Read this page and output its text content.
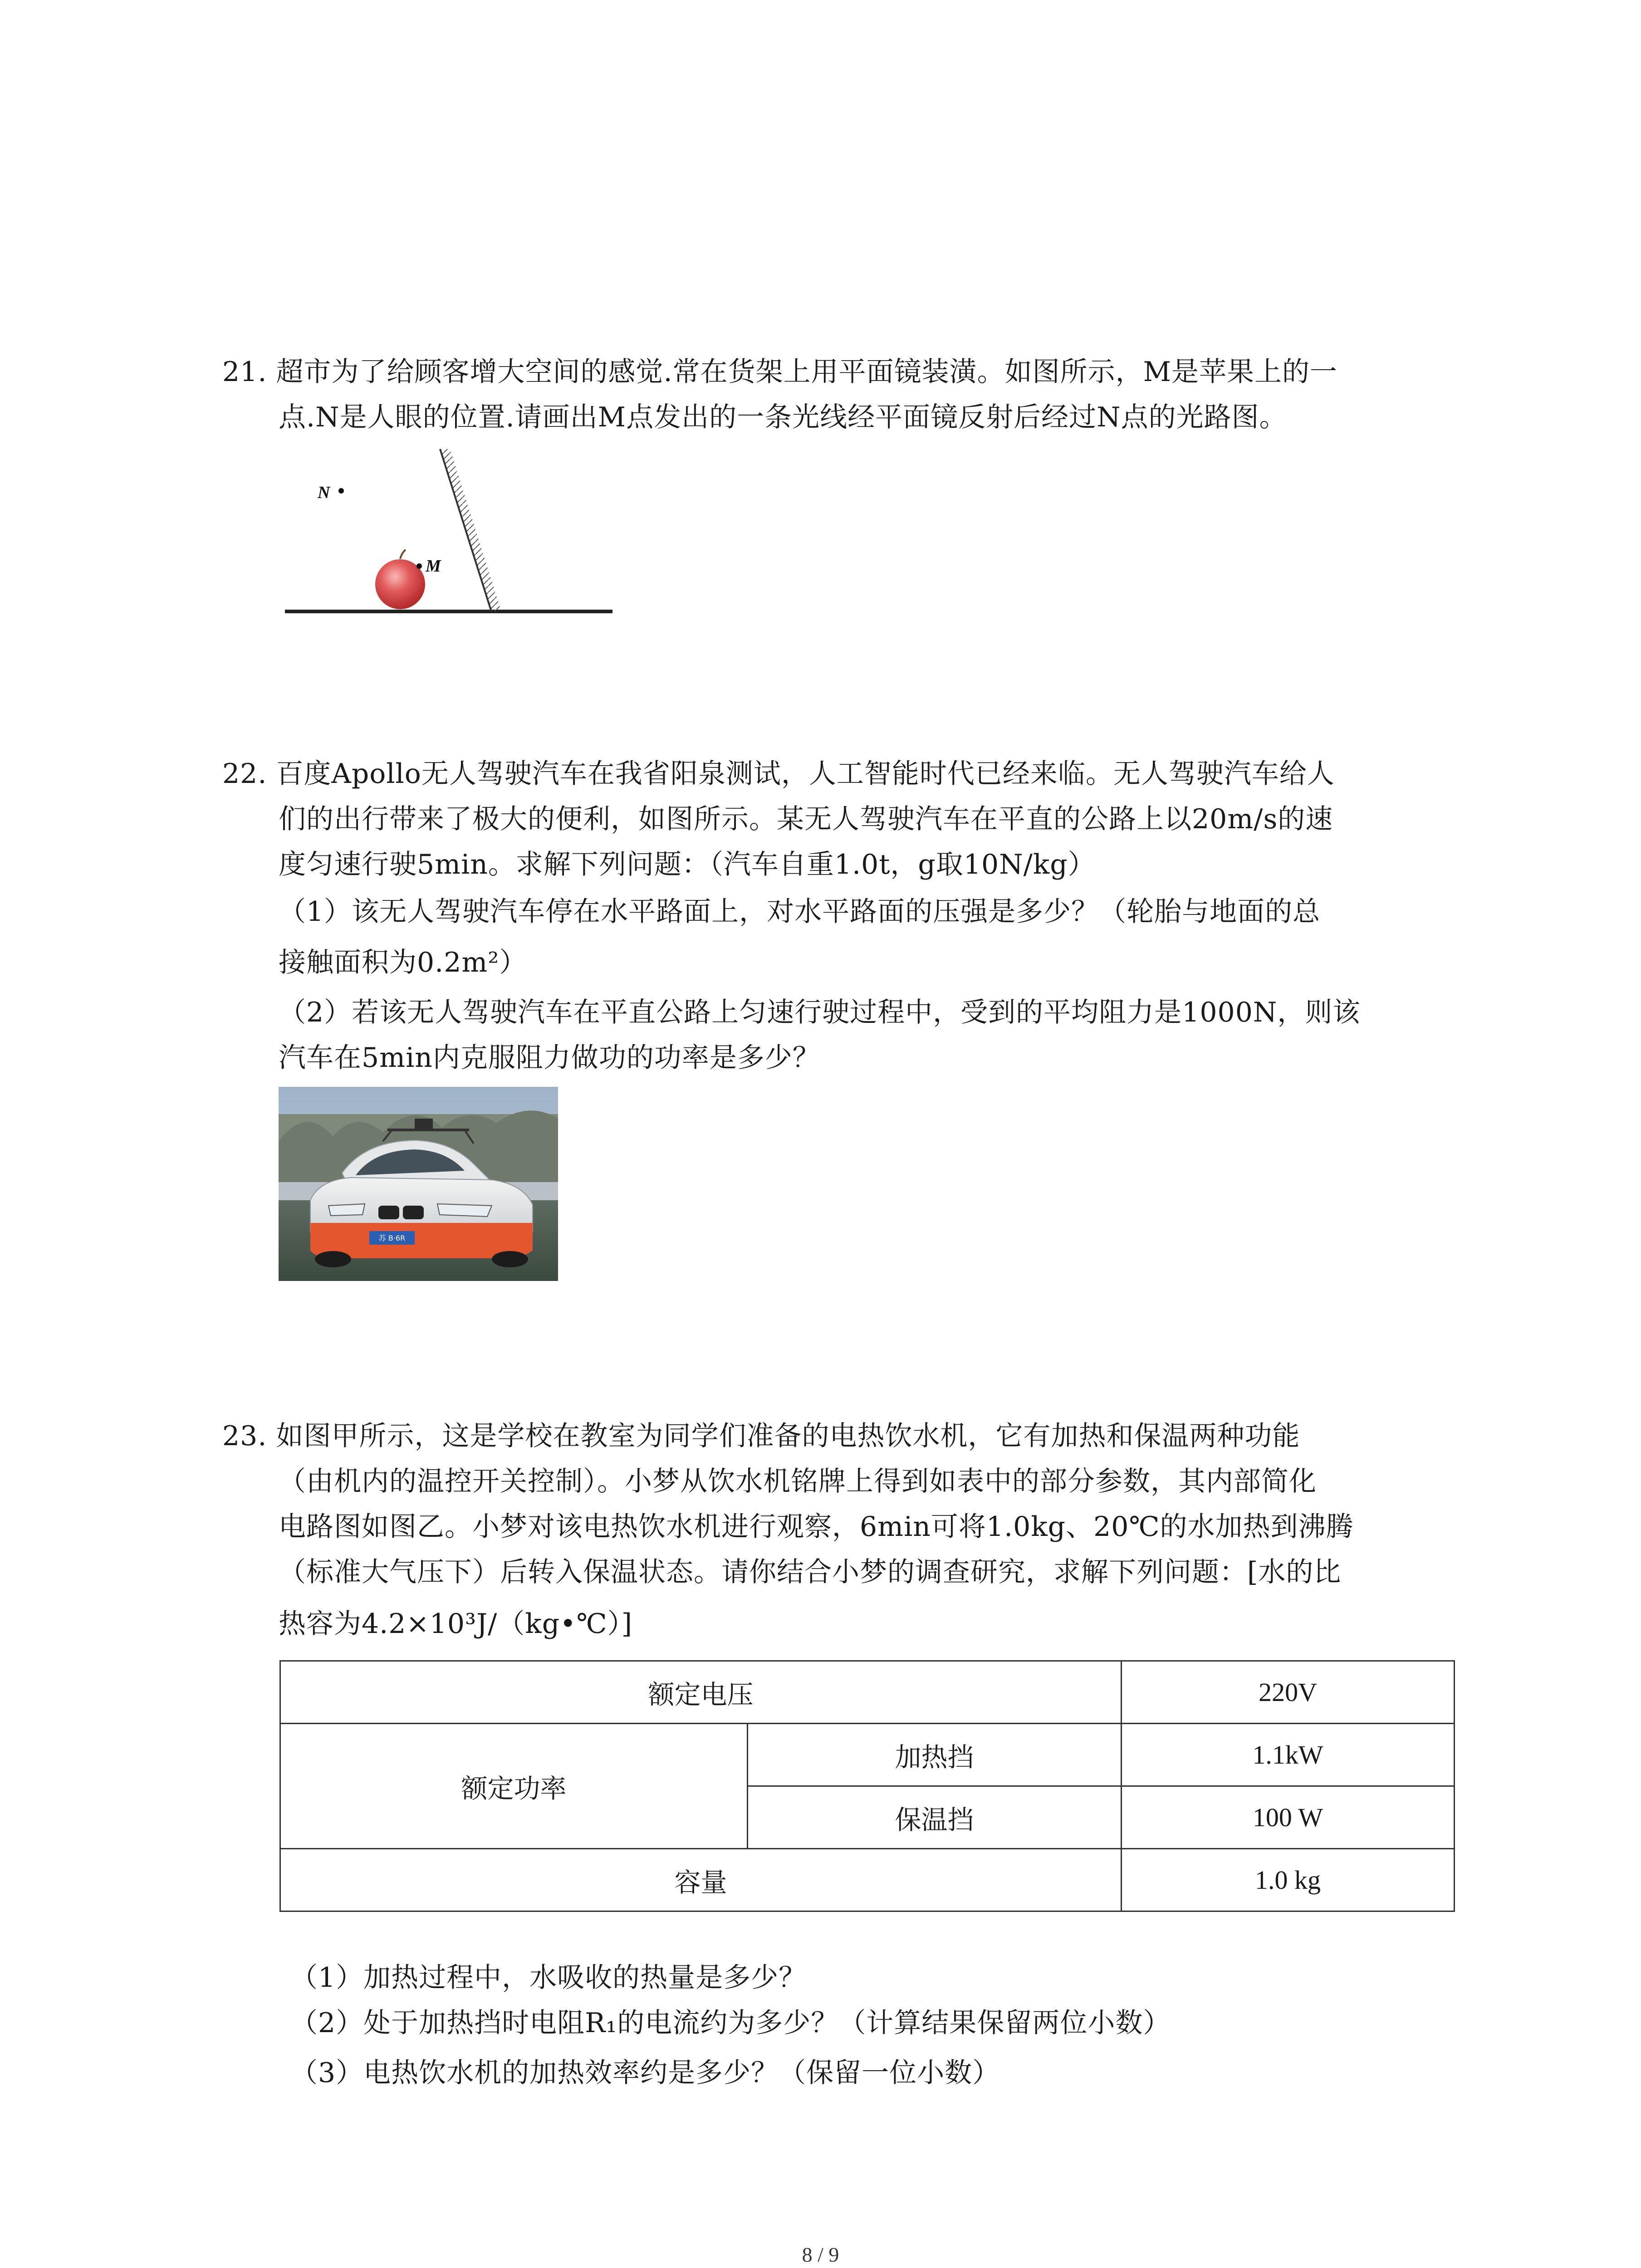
21. 超市为了给顾客增大空间的感觉.常在货架上用平面镜装潢。如图所示，M是苹果上的一
点.N是人眼的位置.请画出M点发出的一条光线经平面镜反射后经过N点的光路图。
M
N
22. 百度Apollo无人驾驶汽车在我省阳泉测试，人工智能时代已经来临。无人驾驶汽车给人
们的出行带来了极大的便利，如图所示。某无人驾驶汽车在平直的公路上以20m/s的速
度匀速行驶5min。求解下列问题：（汽车自重1.0t，g取10N/kg）
（1）该无人驾驶汽车停在水平路面上，对水平路面的压强是多少？（轮胎与地面的总
接触面积为0.2m²）
（2）若该无人驾驶汽车在平直公路上匀速行驶过程中，受到的平均阻力是1000N，则该
汽车在5min内克服阻力做功的功率是多少？
苏 B·6R
23. 如图甲所示，这是学校在教室为同学们准备的电热饮水机，它有加热和保温两种功能
（由机内的温控开关控制）。小梦从饮水机铭牌上得到如表中的部分参数，其内部简化
电路图如图乙。小梦对该电热饮水机进行观察，6min可将1.0kg、20℃的水加热到沸腾
（标准大气压下）后转入保温状态。请你结合小梦的调查研究，求解下列问题：[水的比
热容为4.2×10³J/（kg•℃）]
额定电压		220V
额定功率	加热挡	1.1kW
	保温挡	100 W
容量		1.0 kg
（1）加热过程中，水吸收的热量是多少？
（2）处于加热挡时电阻R₁的电流约为多少？（计算结果保留两位小数）
（3）电热饮水机的加热效率约是多少？（保留一位小数）
8 / 9
